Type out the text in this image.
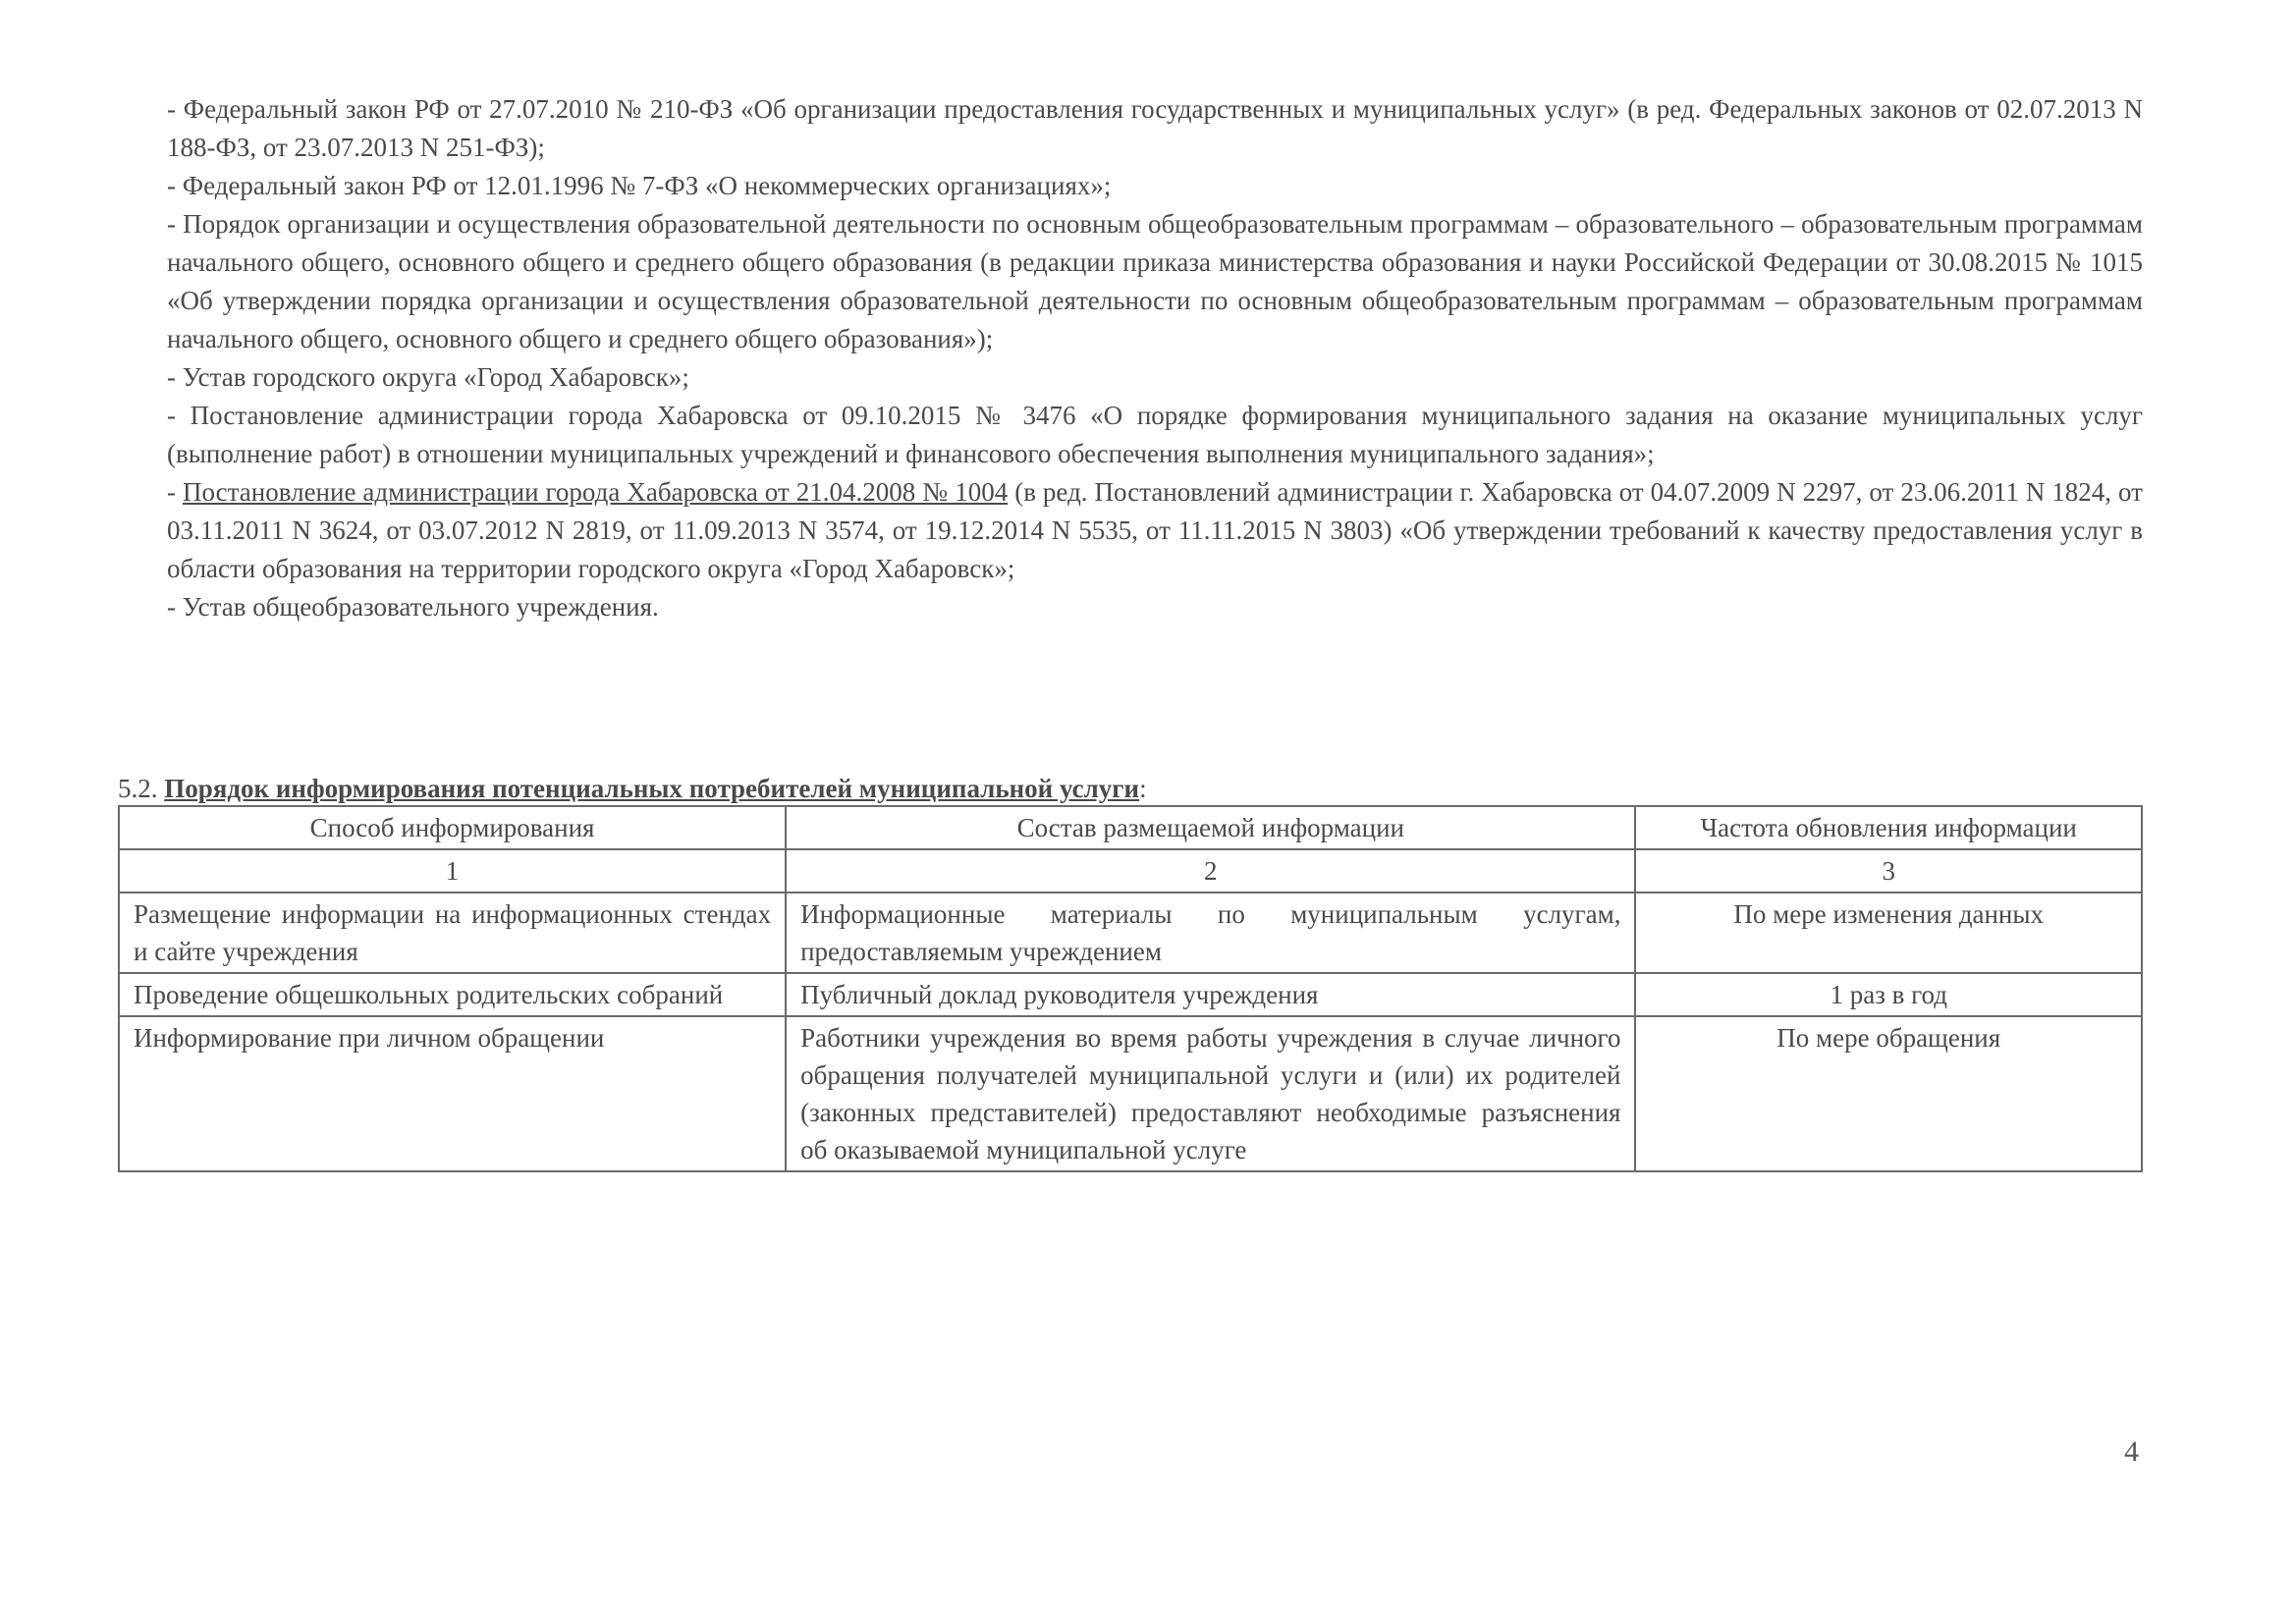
- Федеральный закон РФ от 27.07.2010 № 210-ФЗ «Об организации предоставления государственных и муниципальных услуг» (в ред. Федеральных законов от 02.07.2013 N 188-ФЗ, от 23.07.2013 N 251-ФЗ);

- Федеральный закон РФ от 12.01.1996 № 7-ФЗ «О некоммерческих организациях»;

- Порядок организации и осуществления образовательной деятельности по основным общеобразовательным программам – образовательного – образовательным программам начального общего, основного общего и среднего общего образования (в редакции приказа министерства образования и науки Российской Федерации от 30.08.2015 № 1015 «Об утверждении порядка организации и осуществления образовательной деятельности по основным общеобразовательным программам – образовательным программам начального общего, основного общего и среднего общего образования»);

- Устав городского округа «Город Хабаровск»;

- Постановление администрации города Хабаровска от 09.10.2015 № 3476 «О порядке формирования муниципального задания на оказание муниципальных услуг (выполнение работ) в отношении муниципальных учреждений и финансового обеспечения выполнения муниципального задания»;

- Постановление администрации города Хабаровска от 21.04.2008 № 1004 (в ред. Постановлений администрации г. Хабаровска от 04.07.2009 N 2297, от 23.06.2011 N 1824, от 03.11.2011 N 3624, от 03.07.2012 N 2819, от 11.09.2013 N 3574, от 19.12.2014 N 5535, от 11.11.2015 N 3803) «Об утверждении требований к качеству предоставления услуг в области образования на территории городского округа «Город Хабаровск»;

- Устав общеобразовательного учреждения.

5.2. Порядок информирования потенциальных потребителей муниципальной услуги:
Способ информирования	Состав размещаемой информации	Частота обновления информации
1	2	3
Размещение информации на информационных стендах и сайте учреждения	Информационные материалы по муниципальным услугам, предоставляемым учреждением	По мере изменения данных
Проведение общешкольных родительских собраний	Публичный доклад руководителя учреждения	1 раз в год
Информирование при личном обращении	Работники учреждения во время работы учреждения в случае личного обращения получателей муниципальной услуги и (или) их родителей (законных представителей) предоставляют необходимые разъяснения об оказываемой муниципальной услуге	По мере обращения
4
